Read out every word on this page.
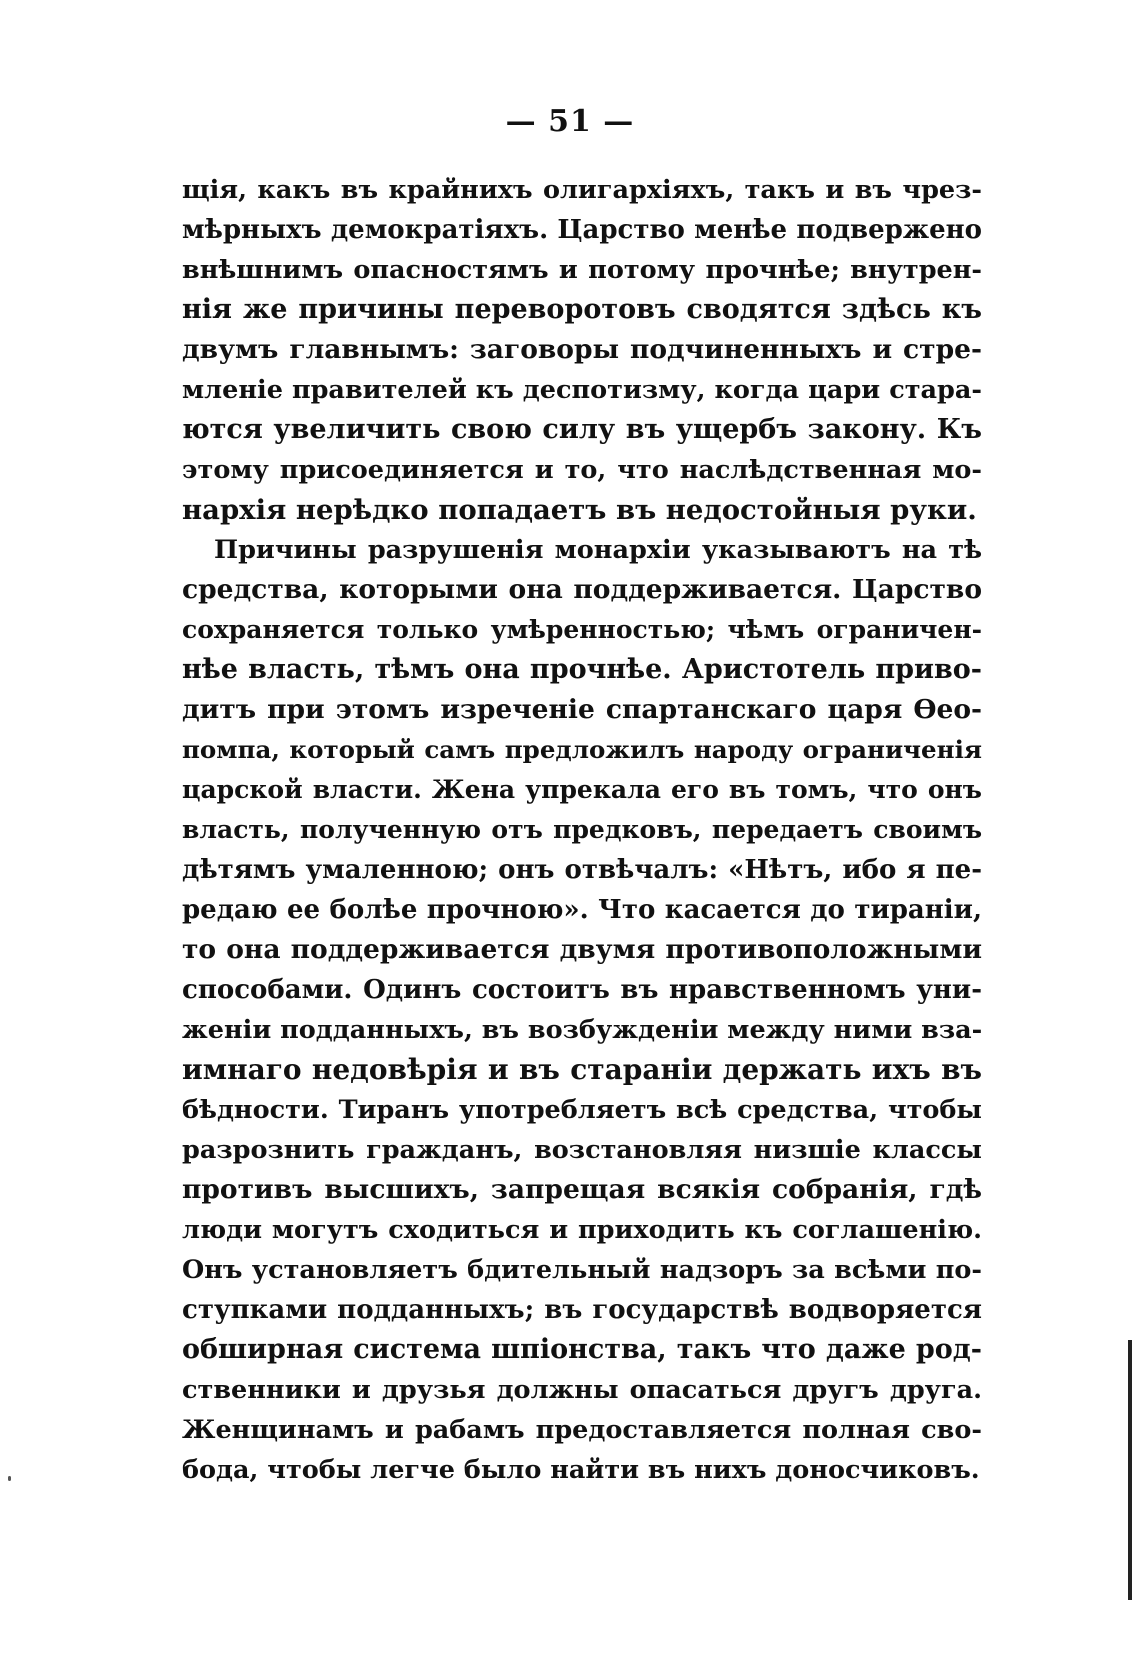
— 51 —
щія, какъ въ крайнихъ олигархіяхъ, такъ и въ чрез-
мѣрныхъ демократіяхъ. Царство менѣе подвержено
внѣшнимъ опасностямъ и потому прочнѣе; внутрен-
нія же причины переворотовъ сводятся здѣсь къ
двумъ главнымъ: заговоры подчиненныхъ и стре-
мленіе правителей къ деспотизму, когда цари стара-
ются увеличить свою силу въ ущербъ закону. Къ
этому присоединяется и то, что наслѣдственная мо-
нархія нерѣдко попадаетъ въ недостойныя руки.
Причины разрушенія монархіи указываютъ на тѣ
средства, которыми она поддерживается. Царство
сохраняется только умѣренностью; чѣмъ ограничен-
нѣе власть, тѣмъ она прочнѣе. Аристотель приво-
дитъ при этомъ изреченіе спартанскаго царя Өео-
помпа, который самъ предложилъ народу ограниченія
царской власти. Жена упрекала его въ томъ, что онъ
власть, полученную отъ предковъ, передаетъ своимъ
дѣтямъ умаленною; онъ отвѣчалъ: «Нѣтъ, ибо я пе-
редаю ее болѣе прочною». Что касается до тираніи,
то она поддерживается двумя противоположными
способами. Одинъ состоитъ въ нравственномъ уни-
женіи подданныхъ, въ возбужденіи между ними вза-
имнаго недовѣрія и въ стараніи держать ихъ въ
бѣдности. Тиранъ употребляетъ всѣ средства, чтобы
разрознить гражданъ, возстановляя низшіе классы
противъ высшихъ, запрещая всякія собранія, гдѣ
люди могутъ сходиться и приходить къ соглашенію.
Онъ установляетъ бдительный надзоръ за всѣми по-
ступками подданныхъ; въ государствѣ водворяется
обширная система шпіонства, такъ что даже род-
ственники и друзья должны опасаться другъ друга.
Женщинамъ и рабамъ предоставляется полная сво-
бода, чтобы легче было найти въ нихъ доносчиковъ.
